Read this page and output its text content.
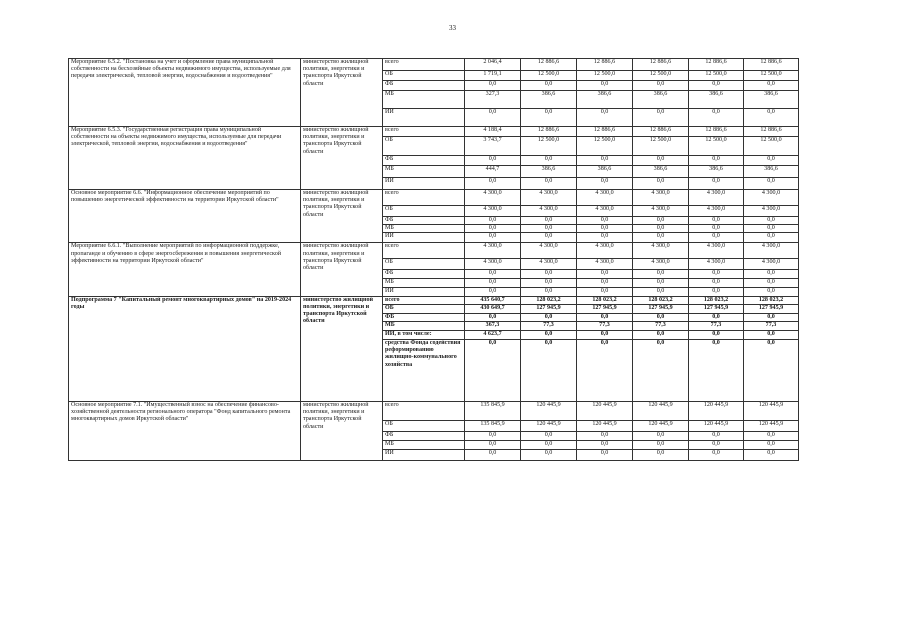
33
Мероприятие 6.5.2. "Постановка на учет и оформление права муниципальной собственности на бесхозяйные объекты недвижимого имущества, используемые для передачи электрической, тепловой энергии, водоснабжения и водоотведения"	министерство жилищной политики, энергетики и транспорта Иркутской области	всего	2 046,4	12 886,6	12 886,6	12 886,6	12 886,6	12 886,6
		ОБ	1 719,1	12 500,0	12 500,0	12 500,0	12 500,0	12 500,0
		ФБ	0,0	0,0	0,0	0,0	0,0	0,0
		МБ	327,3	386,6	386,6	386,6	386,6	386,6
		ИИ	0,0	0,0	0,0	0,0	0,0	0,0
Мероприятие 6.5.3. "Государственная регистрация права муниципальной собственности на объекты недвижимого имущества, используемые для передачи электрической, тепловой энергии, водоснабжения и водоотведения"	министерство жилищной политики, энергетики и транспорта Иркутской области	всего	4 188,4	12 886,6	12 886,6	12 886,6	12 886,6	12 886,6
		ОБ	3 743,7	12 500,0	12 500,0	12 500,0	12 500,0	12 500,0
		ФБ	0,0	0,0	0,0	0,0	0,0	0,0
		МБ	444,7	386,6	386,6	386,6	386,6	386,6
		ИИ	0,0	0,0	0,0	0,0	0,0	0,0
Основное мероприятие 6.6. "Информационное обеспечение мероприятий по повышению энергетической эффективности на территории Иркутской области"	министерство жилищной политики, энергетики и транспорта Иркутской области	всего	4 300,0	4 300,0	4 300,0	4 300,0	4 300,0	4 300,0
		ОБ	4 300,0	4 300,0	4 300,0	4 300,0	4 300,0	4 300,0
		ФБ	0,0	0,0	0,0	0,0	0,0	0,0
		МБ	0,0	0,0	0,0	0,0	0,0	0,0
		ИИ	0,0	0,0	0,0	0,0	0,0	0,0
Мероприятие 6.6.1. "Выполнение мероприятий по информационной поддержке, пропаганде и обучению в сфере энергосбережения и повышения энергетической эффективности на территории Иркутской области"	министерство жилищной политики, энергетики и транспорта Иркутской области	всего	4 300,0	4 300,0	4 300,0	4 300,0	4 300,0	4 300,0
		ОБ	4 300,0	4 300,0	4 300,0	4 300,0	4 300,0	4 300,0
		ФБ	0,0	0,0	0,0	0,0	0,0	0,0
		МБ	0,0	0,0	0,0	0,0	0,0	0,0
		ИИ	0,0	0,0	0,0	0,0	0,0	0,0
Подпрограмма 7 "Капитальный ремонт многоквартирных домов" на 2019-2024 годы	министерство жилищной политики, энергетики и транспорта Иркутской области	всего	435 640,7	128 023,2	128 023,2	128 023,2	128 023,2	128 023,2
		ОБ	430 649,7	127 945,9	127 945,9	127 945,9	127 945,9	127 945,9
		ФБ	0,0	0,0	0,0	0,0	0,0	0,0
		МБ	367,3	77,3	77,3	77,3	77,3	77,3
		ИИ, в том числе:	4 623,7	0,0	0,0	0,0	0,0	0,0
		средства Фонда содействия реформированию жилищно-коммунального хозяйства	0,0	0,0	0,0	0,0	0,0	0,0
Основное мероприятие 7.1. "Имущественный взнос на обеспечение финансово-хозяйственной деятельности регионального оператора "Фонд капитального ремонта многоквартирных домов Иркутской области"	министерство жилищной политики, энергетики и транспорта Иркутской области	всего	135 845,9	120 445,9	120 445,9	120 445,9	120 445,9	120 445,9
		ОБ	135 845,9	120 445,9	120 445,9	120 445,9	120 445,9	120 445,9
		ФБ	0,0	0,0	0,0	0,0	0,0	0,0
		МБ	0,0	0,0	0,0	0,0	0,0	0,0
		ИИ	0,0	0,0	0,0	0,0	0,0	0,0
